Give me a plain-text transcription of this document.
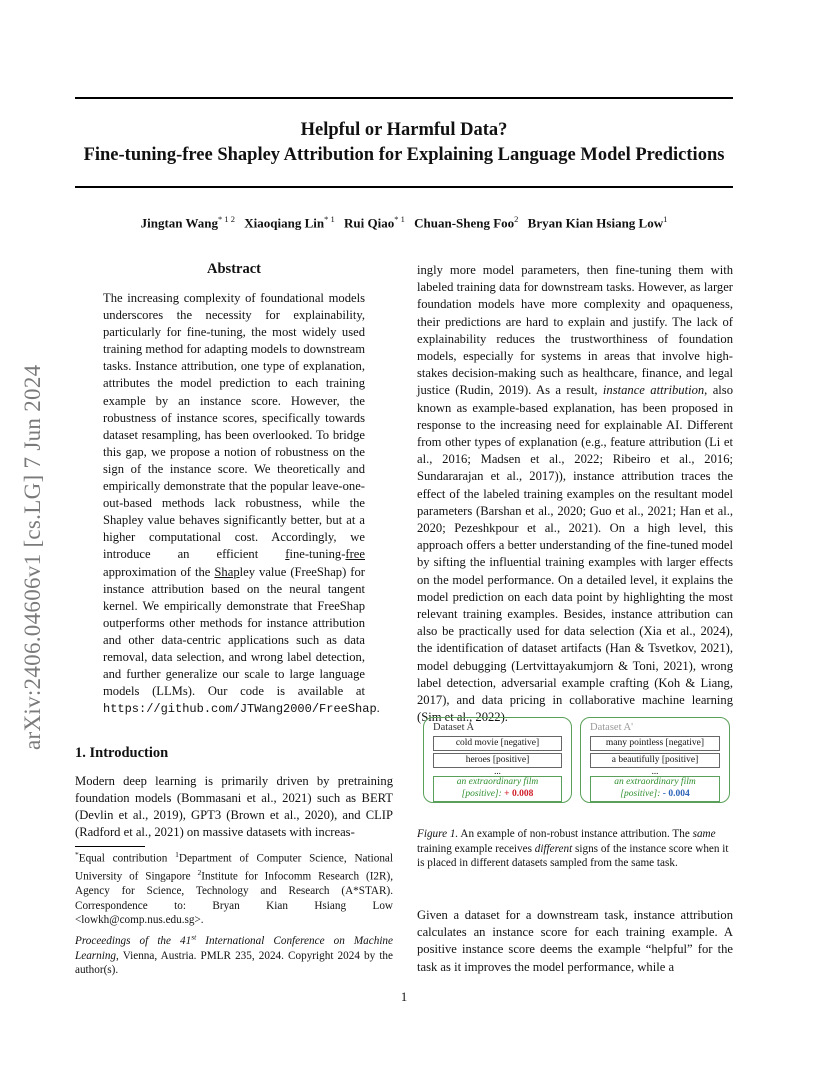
Helpful or Harmful Data?
Fine-tuning-free Shapley Attribution for Explaining Language Model Predictions
Jingtan Wang$^{* 1 2}$ Xiaoqiang Lin$^{* 1}$ Rui Qiao$^{* 1}$ Chuan-Sheng Foo$^2$ Bryan Kian Hsiang Low$^1$
arXiv:2406.04606v1 [cs.LG] 7 Jun 2024
Abstract
The increasing complexity of foundational models underscores the necessity for explainability, particularly for fine-tuning, the most widely used training method for adapting models to downstream tasks. Instance attribution, one type of explanation, attributes the model prediction to each training example by an instance score. However, the robustness of instance scores, specifically towards dataset resampling, has been overlooked. To bridge this gap, we propose a notion of robustness on the sign of the instance score. We theoretically and empirically demonstrate that the popular leave-one-out-based methods lack robustness, while the Shapley value behaves significantly better, but at a higher computational cost. Accordingly, we introduce an efficient fine-tuning-free approximation of the Shapley value (FreeShap) for instance attribution based on the neural tangent kernel. We empirically demonstrate that FreeShap outperforms other methods for instance attribution and other data-centric applications such as data removal, data selection, and wrong label detection, and further generalize our scale to large language models (LLMs). Our code is available at https://github.com/JTWang2000/FreeShap.
1. Introduction
Modern deep learning is primarily driven by pretraining foundation models (Bommasani et al., 2021) such as BERT (Devlin et al., 2019), GPT3 (Brown et al., 2020), and CLIP (Radford et al., 2021) on massive datasets with increas-
*Equal contribution $^1$Department of Computer Science, National University of Singapore $^2$Institute for Infocomm Research (I2R), Agency for Science, Technology and Research (A*STAR). Correspondence to: Bryan Kian Hsiang Low <lowkh@comp.nus.edu.sg>.
Proceedings of the 41st International Conference on Machine Learning, Vienna, Austria. PMLR 235, 2024. Copyright 2024 by the author(s).
ingly more model parameters, then fine-tuning them with labeled training data for downstream tasks. However, as larger foundation models have more complexity and opaqueness, their predictions are hard to explain and justify. The lack of explainability reduces the trustworthiness of foundation models, especially for systems in areas that involve high-stakes decision-making such as healthcare, finance, and legal justice (Rudin, 2019). As a result, instance attribution, also known as example-based explanation, has been proposed in response to the increasing need for explainable AI. Different from other types of explanation (e.g., feature attribution (Li et al., 2016; Madsen et al., 2022; Ribeiro et al., 2016; Sundararajan et al., 2017)), instance attribution traces the effect of the labeled training examples on the resultant model parameters (Barshan et al., 2020; Guo et al., 2021; Han et al., 2020; Pezeshkpour et al., 2021). On a high level, this approach offers a better understanding of the fine-tuned model by sifting the influential training examples with larger effects on the model performance. On a detailed level, it explains the model prediction on each data point by highlighting the most relevant training examples. Besides, instance attribution can also be practically used for data selection (Xia et al., 2024), the identification of dataset artifacts (Han & Tsvetkov, 2021), model debugging (Lertvittayakumjorn & Toni, 2021), wrong label detection, adversarial example crafting (Koh & Liang, 2017), and data pricing in collaborative machine learning (Sim et al., 2022).
Dataset A
cold movie [negative]
heroes [positive]
...
an extraordinary film
[positive]: + 0.008
Dataset A'
many pointless [negative]
a beautifully [positive]
...
an extraordinary film
[positive]: - 0.004
Figure 1. An example of non-robust instance attribution. The same training example receives different signs of the instance score when it is placed in different datasets sampled from the same task.
Given a dataset for a downstream task, instance attribution calculates an instance score for each training example. A positive instance score deems the example “helpful” for the task as it improves the model performance, while a
1
